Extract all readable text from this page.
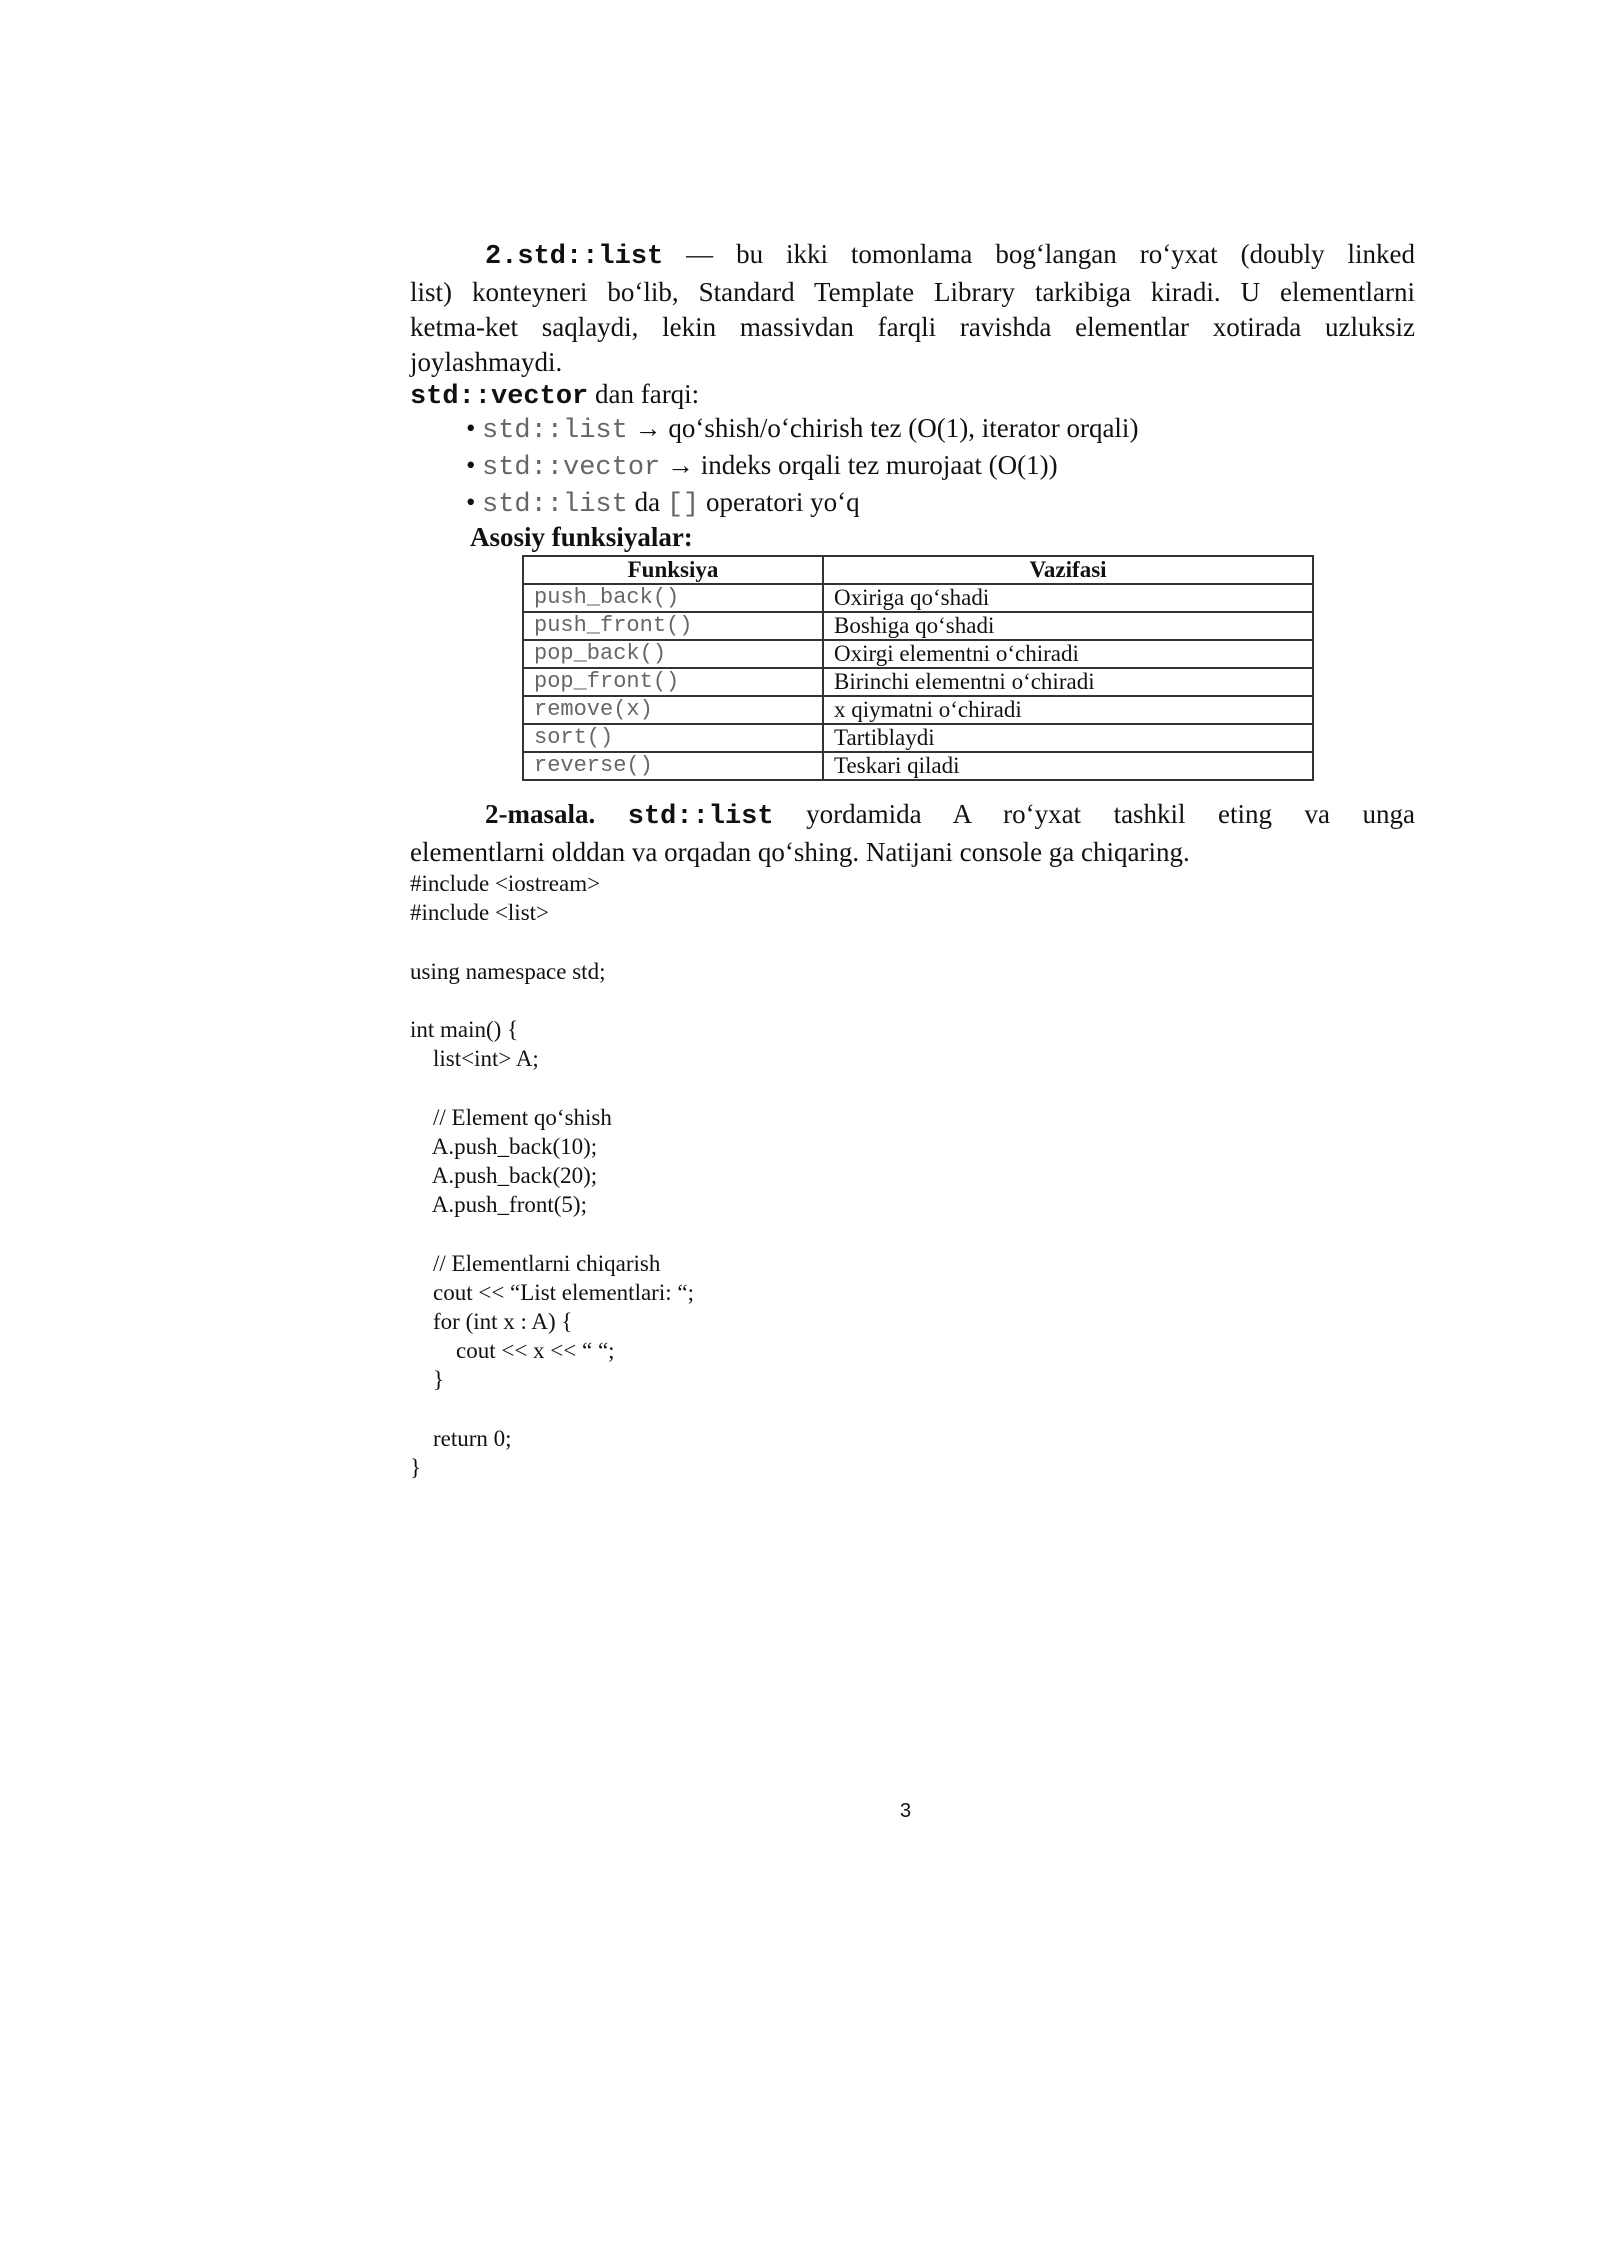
2.std::list — bu ikki tomonlama bog‘langan ro‘yxat (doubly linked
list) konteyneri bo‘lib, Standard Template Library tarkibiga kiradi. U elementlarni
ketma-ket saqlaydi, lekin massivdan farqli ravishda elementlar xotirada uzluksiz
joylashmaydi.
std::vector dan farqi:
• std::list → qo‘shish/o‘chirish tez (O(1), iterator orqali)
• std::vector → indeks orqali tez murojaat (O(1))
• std::list da [] operatori yo‘q
Asosiy funksiyalar:
Funksiya	Vazifasi
push_back()	Oxiriga qo‘shadi
push_front()	Boshiga qo‘shadi
pop_back()	Oxirgi elementni o‘chiradi
pop_front()	Birinchi elementni o‘chiradi
remove(x)	x qiymatni o‘chiradi
sort()	Tartiblaydi
reverse()	Teskari qiladi
2-masala. std::list yordamida A ro‘yxat tashkil eting va unga
elementlarni olddan va orqadan qo‘shing. Natijani console ga chiqaring.
#include <iostream>
#include <list>

using namespace std;

int main() {
list<int> A;

// Element qo‘shish
A.push_back(10);
A.push_back(20);
A.push_front(5);

// Elementlarni chiqarish
cout << “List elementlari: “;
for (int x : A) {
cout << x << “ “;
}

return 0;
}
3
